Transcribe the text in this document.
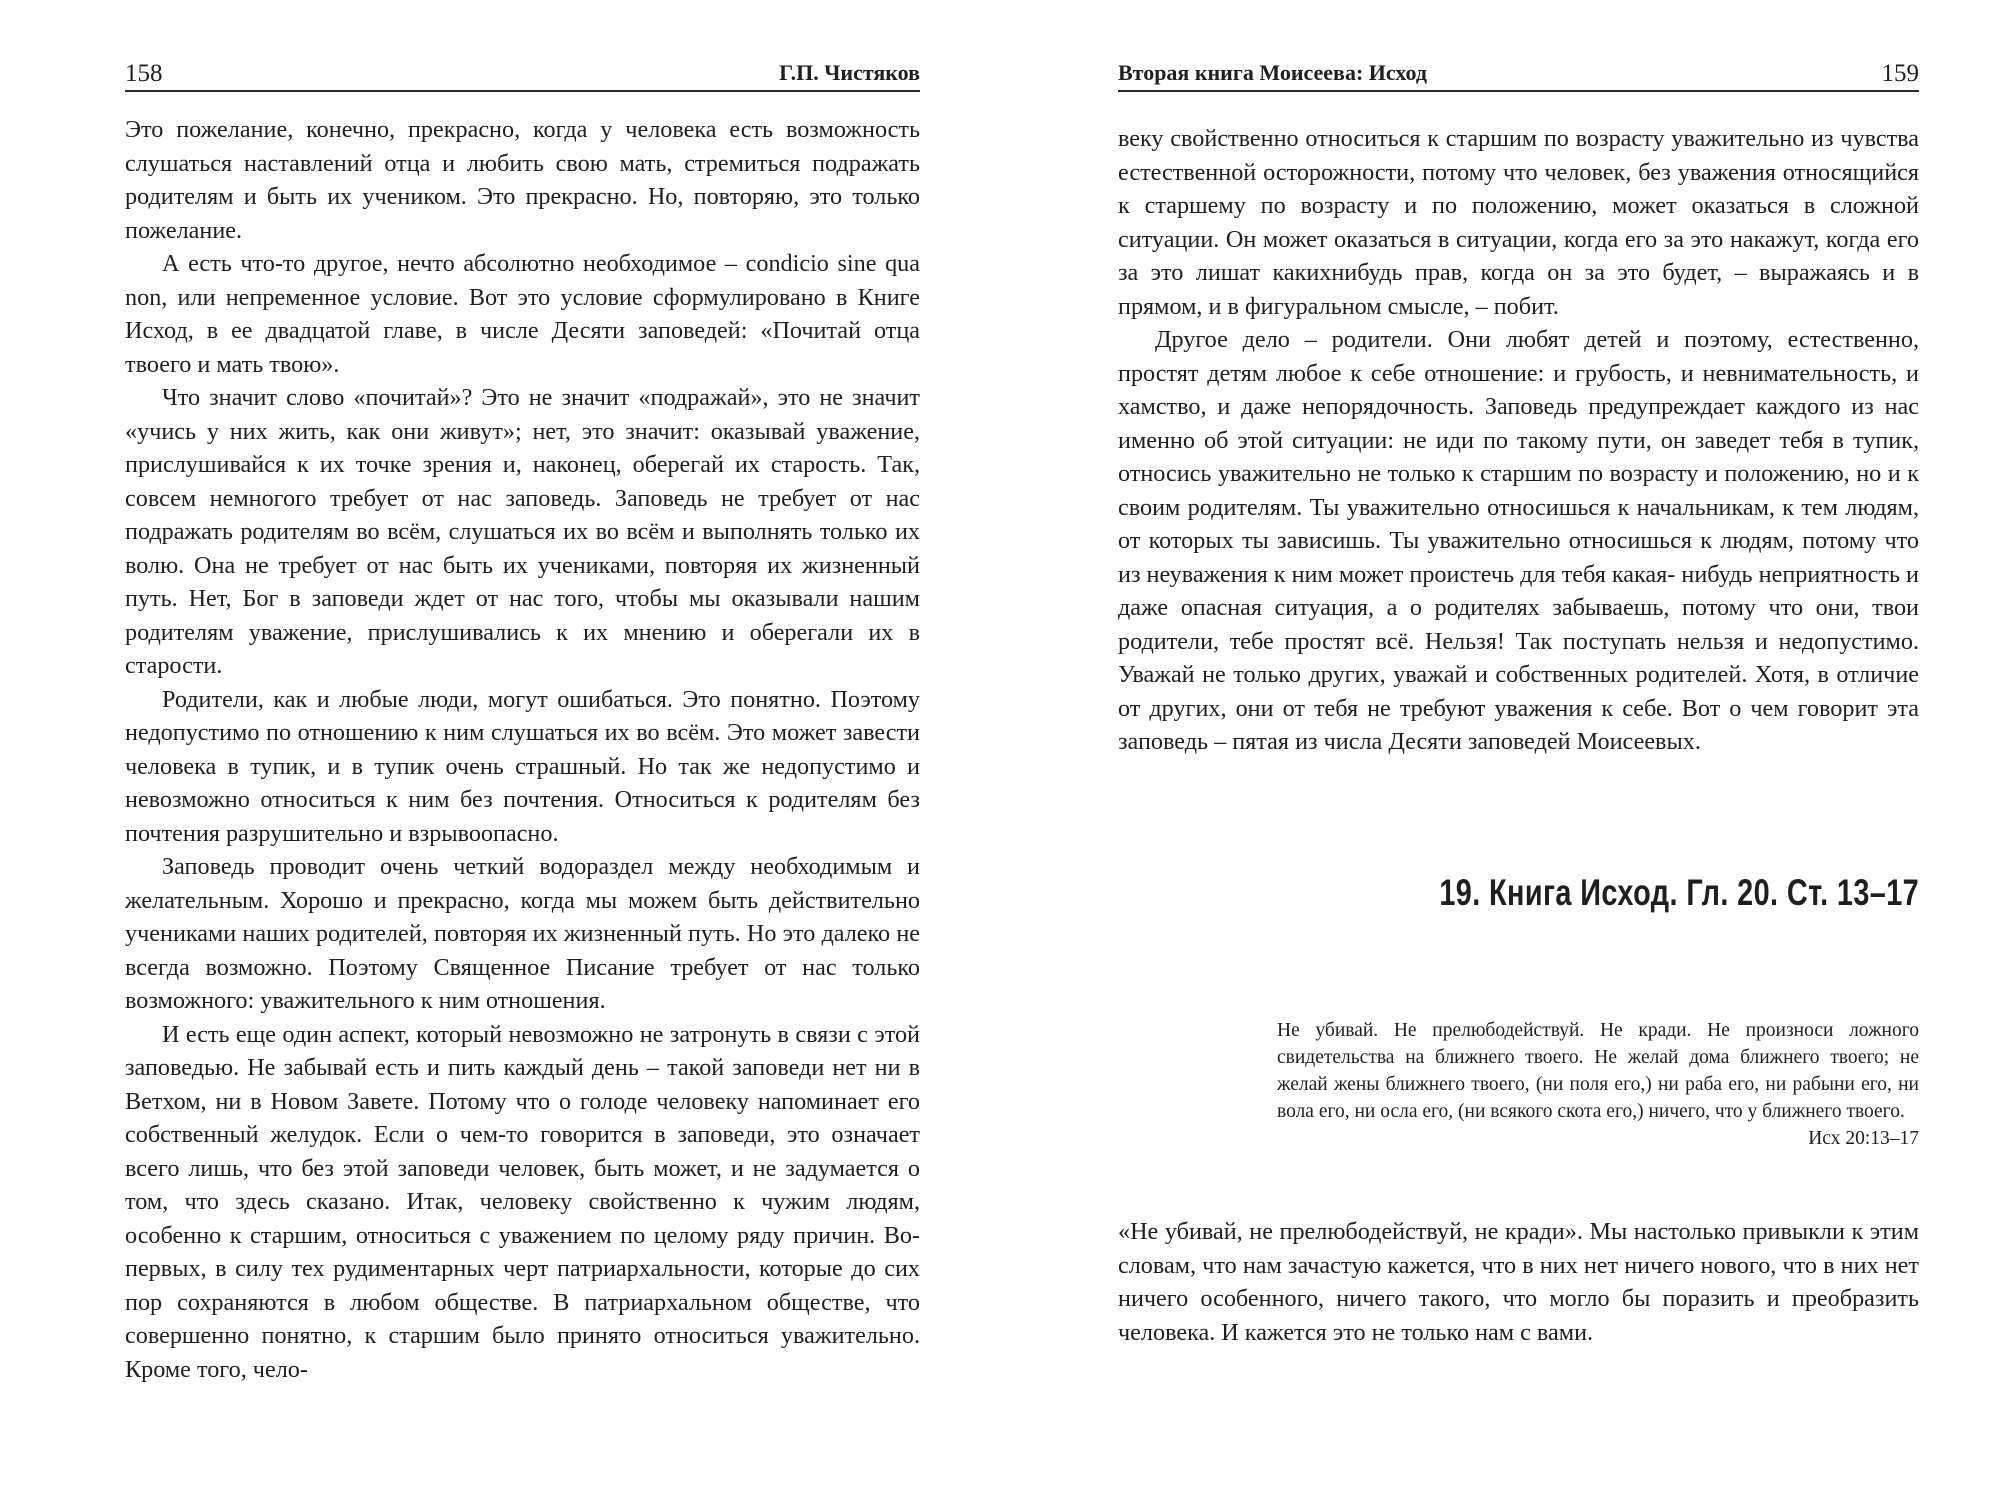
158	Г.П. Чистяков

Это пожелание, конечно, прекрасно, когда у человека есть возможность слушаться наставлений отца и любить свою мать, стремиться подражать родителям и быть их учеником. Это прекрасно. Но, повторяю, это только пожелание.

А есть что-то другое, нечто абсолютно необходимое – condicio sine qua non, или непременное условие. Вот это условие сформулировано в Книге Исход, в ее двадцатой главе, в числе Десяти заповедей: «Почитай отца твоего и мать твою».

Что значит слово «почитай»? Это не значит «подражай», это не значит «учись у них жить, как они живут»; нет, это значит: оказывай уважение, прислушивайся к их точке зрения и, наконец, оберегай их старость. Так, совсем немногого требует от нас заповедь. Заповедь не требует от нас подражать родителям во всём, слушаться их во всём и выполнять только их волю. Она не требует от нас быть их учениками, повторяя их жизненный путь. Нет, Бог в заповеди ждет от нас того, чтобы мы оказывали нашим родителям уважение, прислушивались к их мнению и оберегали их в старости.

Родители, как и любые люди, могут ошибаться. Это понятно. Поэтому недопустимо по отношению к ним слушаться их во всём. Это может завести человека в тупик, и в тупик очень страшный. Но так же недопустимо и невозможно относиться к ним без почтения. Относиться к родителям без почтения разрушительно и взрывоопасно.

Заповедь проводит очень четкий водораздел между необходимым и желательным. Хорошо и прекрасно, когда мы можем быть действительно учениками наших родителей, повторяя их жизненный путь. Но это далеко не всегда возможно. Поэтому Священное Писание требует от нас только возможного: уважительного к ним отношения.

И есть еще один аспект, который невозможно не затронуть в связи с этой заповедью. Не забывай есть и пить каждый день – такой заповеди нет ни в Ветхом, ни в Новом Завете. Потому что о голоде человеку напоминает его собственный желудок. Если о чем-то говорится в заповеди, это означает всего лишь, что без этой заповеди человек, быть может, и не задумается о том, что здесь сказано. Итак, человеку свойственно к чужим людям, особенно к старшим, относиться с уважением по целому ряду причин. Во-первых, в силу тех рудиментарных черт патриархальности, которые до сих пор сохраняются в любом обществе. В патриархальном обществе, что совершенно понятно, к старшим было принято относиться уважительно. Кроме того, чело-

Вторая книга Моисеева: Исход	159

веку свойственно относиться к старшим по возрасту уважительно из чувства естественной осторожности, потому что человек, без уважения относящийся к старшему по возрасту и по положению, может оказаться в сложной ситуации. Он может оказаться в ситуации, когда его за это накажут, когда его за это лишат какихнибудь прав, когда он за это будет, – выражаясь и в прямом, и в фигуральном смысле, – побит.

Другое дело – родители. Они любят детей и поэтому, естественно, простят детям любое к себе отношение: и грубость, и невнимательность, и хамство, и даже непорядочность. Заповедь предупреждает каждого из нас именно об этой ситуации: не иди по такому пути, он заведет тебя в тупик, относись уважительно не только к старшим по возрасту и положению, но и к своим родителям. Ты уважительно относишься к начальникам, к тем людям, от которых ты зависишь. Ты уважительно относишься к людям, потому что из неуважения к ним может проистечь для тебя какая- нибудь неприятность и даже опасная ситуация, а о родителях забываешь, потому что они, твои родители, тебе простят всё. Нельзя! Так поступать нельзя и недопустимо. Уважай не только других, уважай и собственных родителей. Хотя, в отличие от других, они от тебя не требуют уважения к себе. Вот о чем говорит эта заповедь – пятая из числа Десяти заповедей Моисеевых.

19. Книга Исход. Гл. 20. Ст. 13–17

Не убивай. Не прелюбодействуй. Не кради. Не произноси ложного свидетельства на ближнего твоего. Не желай дома ближнего твоего; не желай жены ближнего твоего, (ни поля его,) ни раба его, ни рабыни его, ни вола его, ни осла его, (ни всякого скота его,) ничего, что у ближнего твоего.

Исх 20:13–17

«Не убивай, не прелюбодействуй, не кради». Мы настолько привыкли к этим словам, что нам зачастую кажется, что в них нет ничего нового, что в них нет ничего особенного, ничего такого, что могло бы поразить и преобразить человека. И кажется это не только нам с вами.
